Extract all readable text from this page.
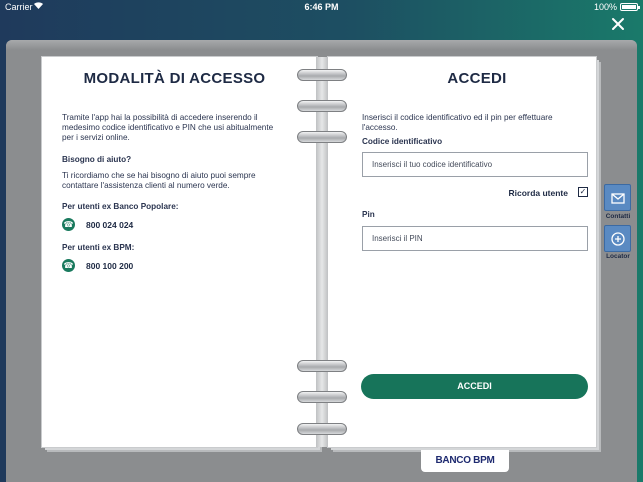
Carrier	6:46 PM	100%
MODALITÀ DI ACCESSO
Tramite l'app hai la possibilità di accedere inserendo il medesimo codice identificativo e PIN che usi abitualmente per i servizi online.
Bisogno di aiuto?
Ti ricordiamo che se hai bisogno di aiuto puoi sempre contattare l'assistenza clienti al numero verde.
Per utenti ex Banco Popolare:
☎ 800 024 024
Per utenti ex BPM:
☎ 800 100 200
ACCEDI
Inserisci il codice identificativo ed il pin per effettuare l'accesso.
Codice identificativo
Inserisci il tuo codice identificativo
Ricorda utente ✓
Pin
ACCEDI
Contatti
Locator
BANCO BPM
